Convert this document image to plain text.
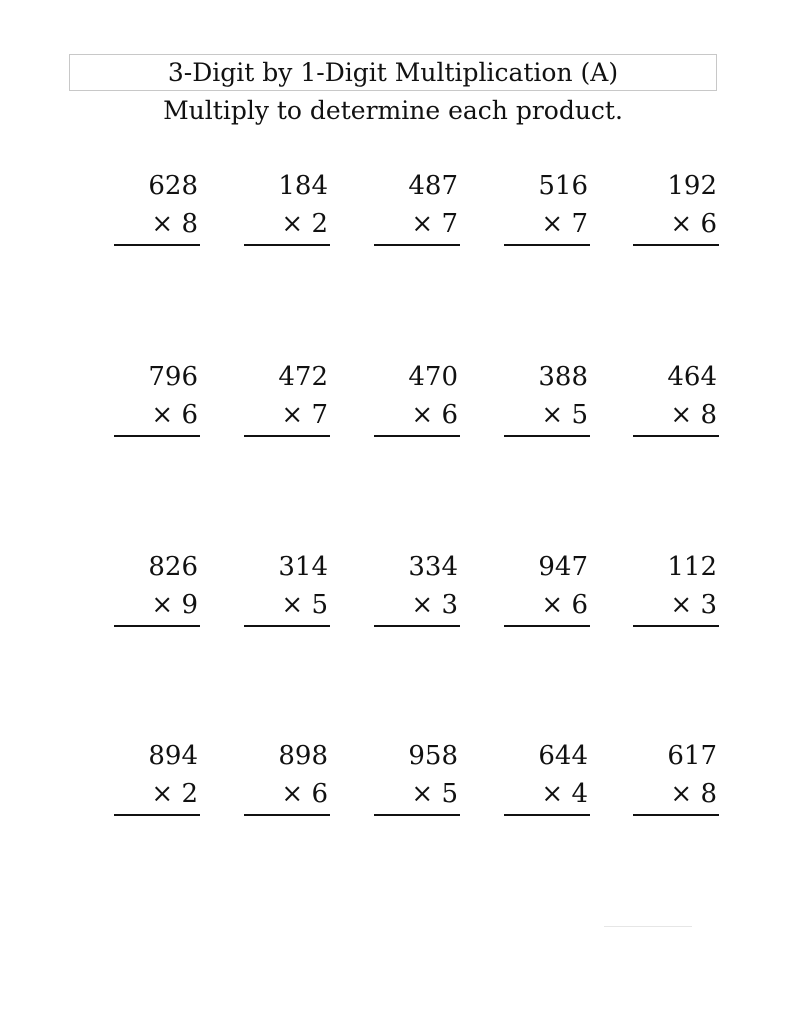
3-Digit by 1-Digit Multiplication (A)
Multiply to determine each product.
628
× 8
184
× 2
487
× 7
516
× 7
192
× 6
796
× 6
472
× 7
470
× 6
388
× 5
464
× 8
826
× 9
314
× 5
334
× 3
947
× 6
112
× 3
894
× 2
898
× 6
958
× 5
644
× 4
617
× 8
